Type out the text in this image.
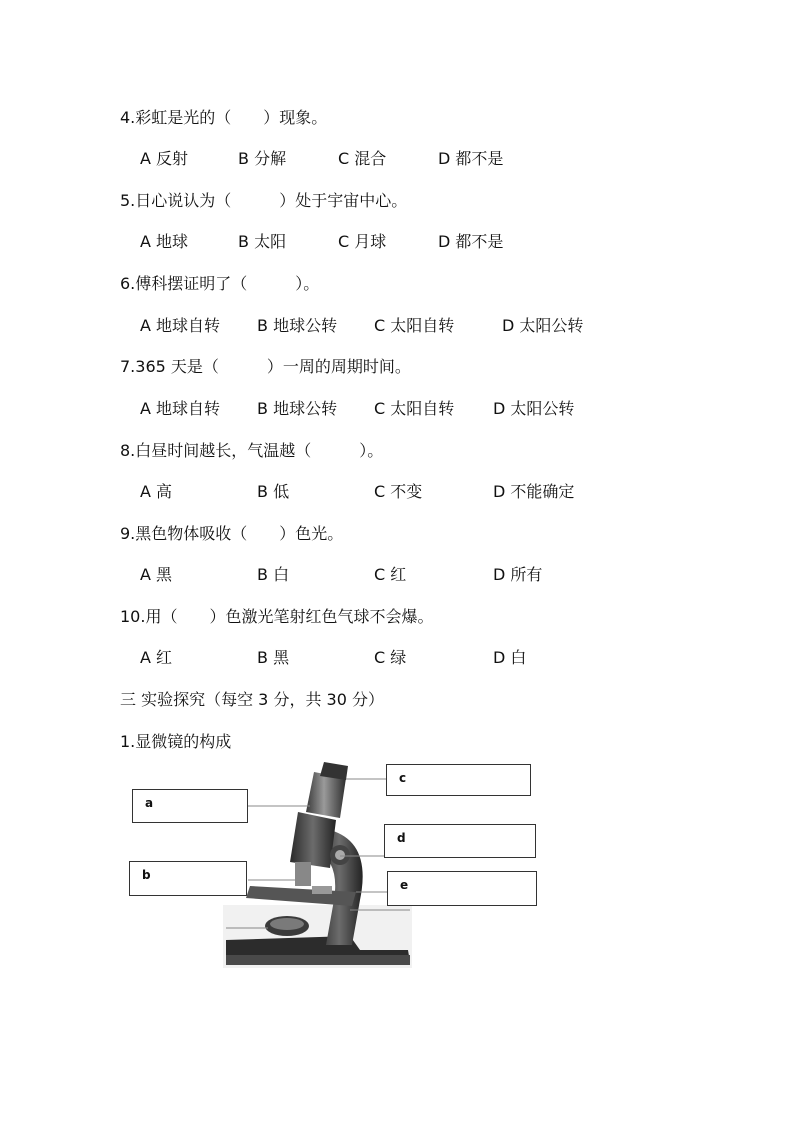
4.彩虹是光的（　　）现象。
A 反射	B 分解	C 混合	D 都不是
5.日心说认为（　　　）处于宇宙中心。
A 地球	B 太阳	C 月球	D 都不是
6.傅科摆证明了（　　　）。
A 地球自转 B 地球公转 C 太阳自转	D 太阳公转
7.365 天是（　　　）一周的周期时间。
A 地球自转 B 地球公转 C 太阳自转 D 太阳公转
8.白昼时间越长，气温越（　　　）。
A 高	B 低	C 不变	D 不能确定
9.黑色物体吸收（　　）色光。
A 黑	B 白	C 红	D 所有
10.用（　　）色激光笔射红色气球不会爆。
A 红	B 黑	C 绿	D 白
三 实验探究（每空 3 分，共 30 分）
1.显微镜的构成
a
b
c
d
e
